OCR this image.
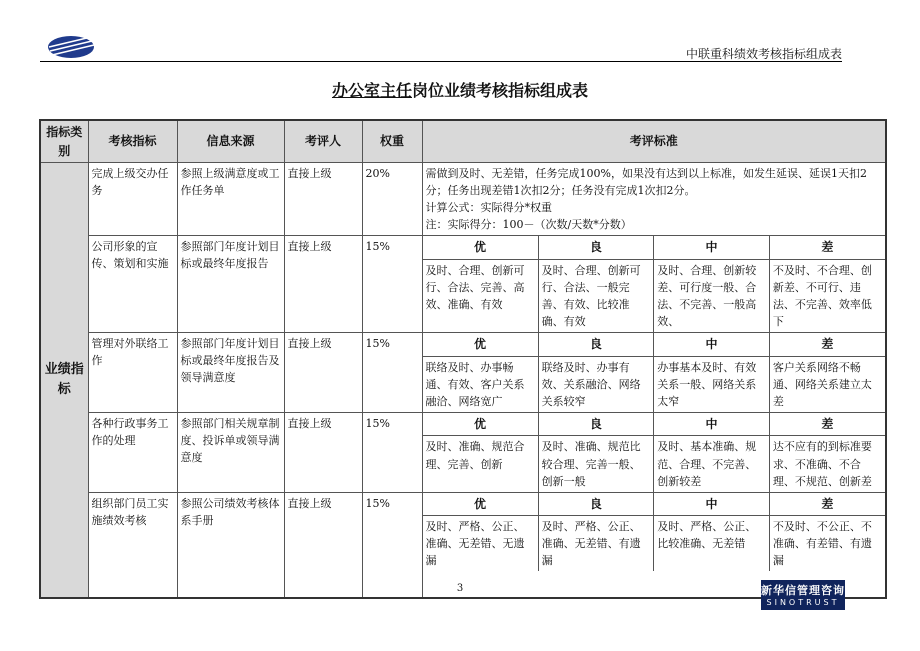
中联重科绩效考核指标组成表
办公室主任岗位业绩考核指标组成表
指标类别	考核指标	信息来源	考评人	权重	考评标准
业绩指标	完成上级交办任务	参照上级满意度或工作任务单	直接上级	20%	需做到及时、无差错，任务完成100%，如果没有达到以上标准，如发生延误、延误1天扣2分；任务出现差错1次扣2分；任务没有完成1次扣2分。
计算公式：实际得分*权重
注：实际得分：100－（次数/天数*分数）

公司形象的宣传、策划和实施	参照部门年度计划目标或最终年度报告	直接上级	15%		优	良	中	差
及时、合理、创新可行、合法、完善、高效、准确、有效	及时、合理、创新可行、合法、一般完善、有效、比较准确、有效	及时、合理、创新较差、可行度一般、合法、不完善、一般高效、	不及时、不合理、创新差、不可行、违法、不完善、效率低下

管理对外联络工作	参照部门年度计划目标或最终年度报告及领导满意度	直接上级	15%		优	良	中	差
联络及时、办事畅通、有效、客户关系融洽、网络宽广	联络及时、办事有效、关系融洽、网络关系较窄	办事基本及时、有效关系一般、网络关系太窄	客户关系网络不畅通、网络关系建立太差

各种行政事务工作的处理	参照部门相关规章制度、投诉单或领导满意度	直接上级	15%		优	良	中	差
及时、准确、规范合理、完善、创新	及时、准确、规范比较合理、完善一般、创新一般	及时、基本准确、规范、合理、不完善、创新较差	达不应有的到标准要求、不准确、不合理、不规范、创新差

组织部门员工实施绩效考核	参照公司绩效考核体系手册	直接上级	15%		优	良	中	差
及时、严格、公正、准确、无差错、无遗漏	及时、严格、公正、准确、无差错、有遗漏	及时、严格、公正、比较准确、无差错	不及时、不公正、不准确、有差错、有遗漏
3	新华信管理咨询
SINOTRUST
